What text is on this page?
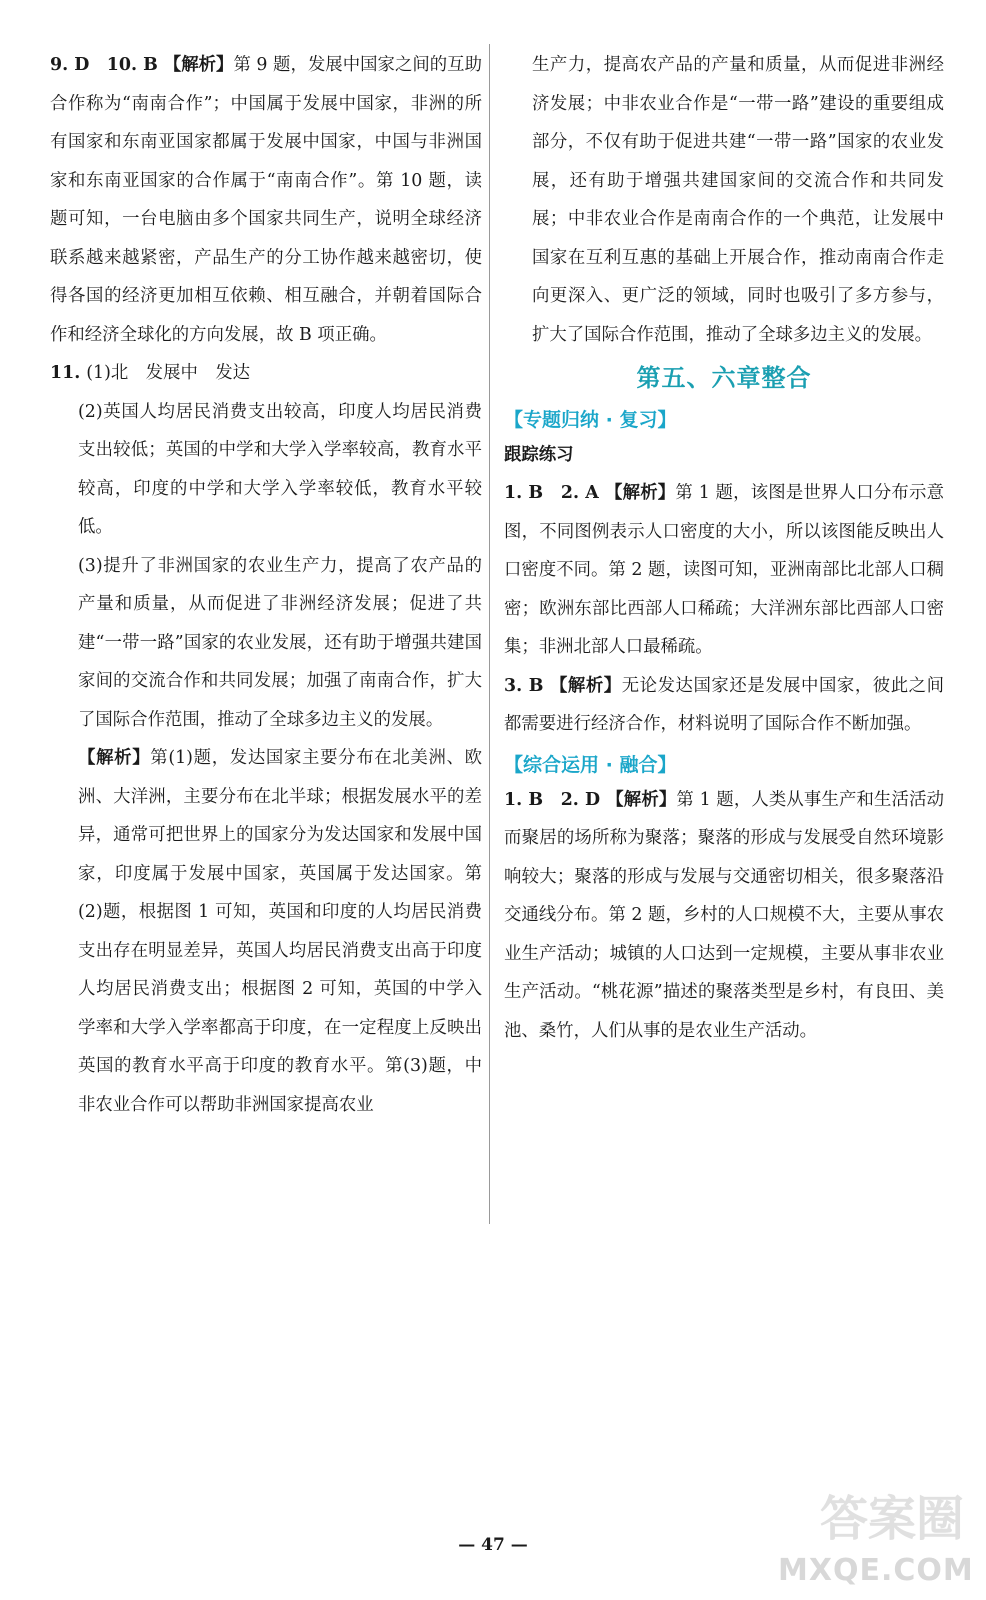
9. D　10. B 【解析】第 9 题，发展中国家之间的互助合作称为“南南合作”；中国属于发展中国家，非洲的所有国家和东南亚国家都属于发展中国家，中国与非洲国家和东南亚国家的合作属于“南南合作”。第 10 题，读题可知，一台电脑由多个国家共同生产，说明全球经济联系越来越紧密，产品生产的分工协作越来越密切，使得各国的经济更加相互依赖、相互融合，并朝着国际合作和经济全球化的方向发展，故 B 项正确。

11. (1)北　发展中　发达

(2)英国人均居民消费支出较高，印度人均居民消费支出较低；英国的中学和大学入学率较高，教育水平较高，印度的中学和大学入学率较低，教育水平较低。

(3)提升了非洲国家的农业生产力，提高了农产品的产量和质量，从而促进了非洲经济发展；促进了共建“一带一路”国家的农业发展，还有助于增强共建国家间的交流合作和共同发展；加强了南南合作，扩大了国际合作范围，推动了全球多边主义的发展。

【解析】第(1)题，发达国家主要分布在北美洲、欧洲、大洋洲，主要分布在北半球；根据发展水平的差异，通常可把世界上的国家分为发达国家和发展中国家，印度属于发展中国家，英国属于发达国家。第(2)题，根据图 1 可知，英国和印度的人均居民消费支出存在明显差异，英国人均居民消费支出高于印度人均居民消费支出；根据图 2 可知，英国的中学入学率和大学入学率都高于印度，在一定程度上反映出英国的教育水平高于印度的教育水平。第(3)题，中非农业合作可以帮助非洲国家提高农业

生产力，提高农产品的产量和质量，从而促进非洲经济发展；中非农业合作是“一带一路”建设的重要组成部分，不仅有助于促进共建“一带一路”国家的农业发展，还有助于增强共建国家间的交流合作和共同发展；中非农业合作是南南合作的一个典范，让发展中国家在互利互惠的基础上开展合作，推动南南合作走向更深入、更广泛的领域，同时也吸引了多方参与，扩大了国际合作范围，推动了全球多边主义的发展。

第五、六章整合
【专题归纳 · 复习】

跟踪练习

1. B　2. A 【解析】第 1 题，该图是世界人口分布示意图，不同图例表示人口密度的大小，所以该图能反映出人口密度不同。第 2 题，读图可知，亚洲南部比北部人口稠密；欧洲东部比西部人口稀疏；大洋洲东部比西部人口密集；非洲北部人口最稀疏。

3. B 【解析】无论发达国家还是发展中国家，彼此之间都需要进行经济合作，材料说明了国际合作不断加强。

【综合运用 · 融合】

1. B　2. D 【解析】第 1 题，人类从事生产和生活活动而聚居的场所称为聚落；聚落的形成与发展受自然环境影响较大；聚落的形成与发展与交通密切相关，很多聚落沿交通线分布。第 2 题，乡村的人口规模不大，主要从事农业生产活动；城镇的人口达到一定规模，主要从事非农业生产活动。“桃花源”描述的聚落类型是乡村，有良田、美池、桑竹，人们从事的是农业生产活动。

— 47 —	答案圈
MXQE.COM
